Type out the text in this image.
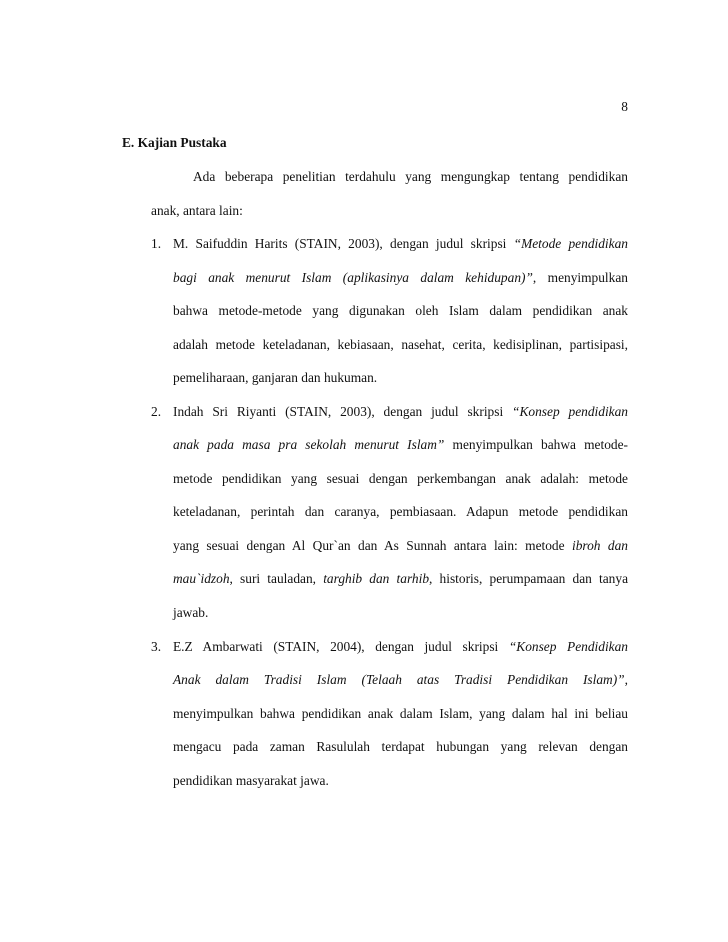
8
E. Kajian Pustaka
Ada beberapa penelitian terdahulu yang mengungkap tentang pendidikan
anak, antara lain:
1. M. Saifuddin Harits (STAIN, 2003), dengan judul skripsi “Metode pendidikan
bagi anak menurut Islam (aplikasinya dalam kehidupan)”, menyimpulkan
bahwa metode-metode yang digunakan oleh Islam dalam pendidikan anak
adalah metode keteladanan, kebiasaan, nasehat, cerita, kedisiplinan, partisipasi,
pemeliharaan, ganjaran dan hukuman.
2. Indah Sri Riyanti (STAIN, 2003), dengan judul skripsi “Konsep pendidikan
anak pada masa pra sekolah menurut Islam” menyimpulkan bahwa metode-
metode pendidikan yang sesuai dengan perkembangan anak adalah: metode
keteladanan, perintah dan caranya, pembiasaan. Adapun metode pendidikan
yang sesuai dengan Al Qur`an dan As Sunnah antara lain: metode ibroh dan
mau`idzoh, suri tauladan, targhib dan tarhib, historis, perumpamaan dan tanya
jawab.
3. E.Z Ambarwati (STAIN, 2004), dengan judul skripsi “Konsep Pendidikan
Anak dalam Tradisi Islam (Telaah atas Tradisi Pendidikan Islam)”,
menyimpulkan bahwa pendidikan anak dalam Islam, yang dalam hal ini beliau
mengacu pada zaman Rasululah terdapat hubungan yang relevan dengan
pendidikan masyarakat jawa.
